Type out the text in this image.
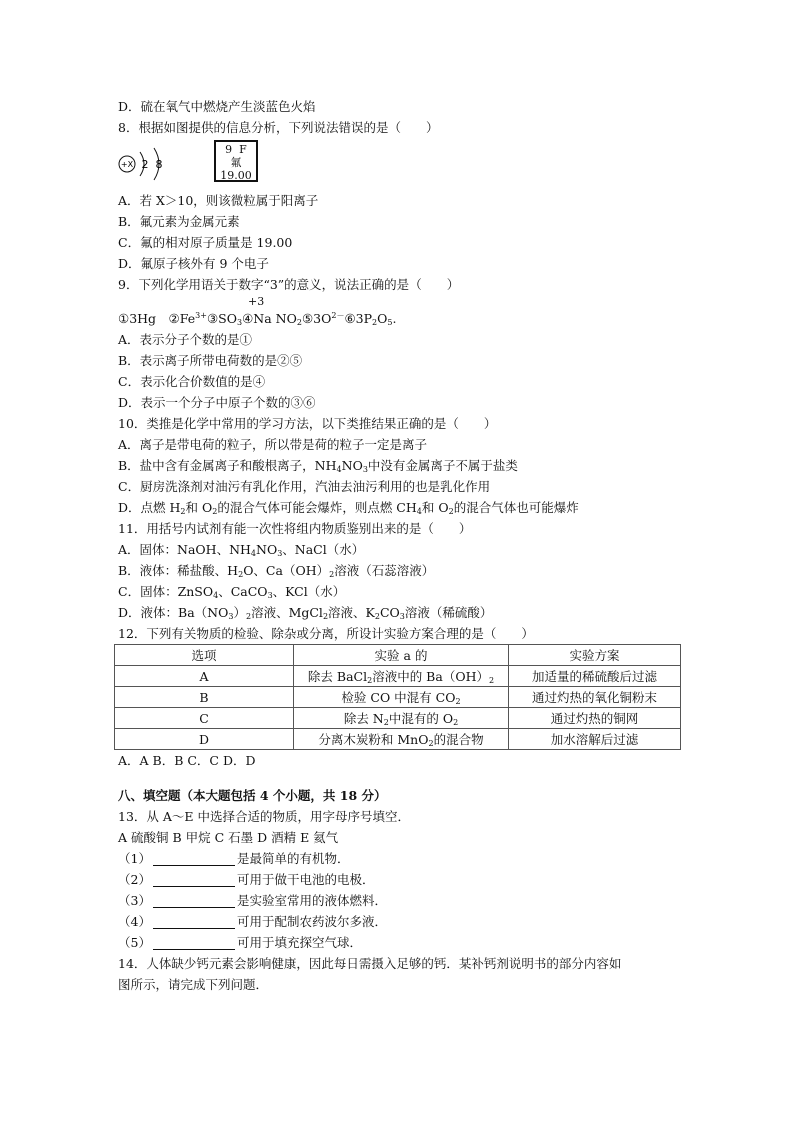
D．硫在氧气中燃烧产生淡蓝色火焰
8．根据如图提供的信息分析，下列说法错误的是（　　）
+X 2 8
9 F
氟
19.00
A．若 X＞10，则该微粒属于阳离子
B．氟元素为金属元素
C．氟的相对原子质量是 19.00
D．氟原子核外有 9 个电子
9．下列化学用语关于数字“3”的意义，说法正确的是（　　）
+3
①3Hg　$②Fe^{3+}③SO_3④Na$ $NO_2⑤3O^{2-}⑥3P_2O_5$.
A．表示分子个数的是①
B．表示离子所带电荷数的是②⑤
C．表示化合价数值的是④
D．表示一个分子中原子个数的③⑥
10．类推是化学中常用的学习方法，以下类推结果正确的是（　　）
A．离子是带电荷的粒子，所以带是荷的粒子一定是离子
B．盐中含有金属离子和酸根离子，$NH_4NO_3$中没有金属离子不属于盐类
C．厨房洗涤剂对油污有乳化作用，汽油去油污利用的也是乳化作用
D．点燃 $H_2$和 $O_2$的混合气体可能会爆炸，则点燃 $CH_4$和 $O_2$的混合气体也可能爆炸
11．用括号内试剂有能一次性将组内物质鉴别出来的是（　　）
A．固体：NaOH、$NH_4NO_3$、NaCl（水）
B．液体：稀盐酸、$H_2O$、$Ca(OH)_2$溶液（石蕊溶液）
C．固体：ZnSO$_4$、CaCO$_3$、KCl（水）
D．液体：$Ba(NO_3)_2$溶液、MgCl$_2$溶液、$K_2CO_3$溶液（稀硫酸）
12．下列有关物质的检验、除杂或分离，所设计实验方案合理的是（　　）
选项	实验 a 的	实验方案
A	除去 BaCl$_2$溶液中的 $Ba(OH)_2$	加适量的稀硫酸后过滤
B	检验 CO 中混有 $CO_2$	通过灼热的氧化铜粉末
C	除去 $N_2$中混有的 $O_2$	通过灼热的铜网
D	分离木炭粉和 MnO$_2$的混合物	加水溶解后过滤
A．A B．B C．C D．D
八、填空题（本大题包括 4 个小题，共 18 分）
13．从 A～E 中选择合适的物质，用字母序号填空．
A 硫酸铜 B 甲烷 C 石墨 D 酒精 E 氦气
（1）	是最简单的有机物．
（2）	可用于做干电池的电极．
（3）	是实验室常用的液体燃料．
（4）	可用于配制农药波尔多液．
（5）	可用于填充探空气球．
14．人体缺少钙元素会影响健康，因此每日需摄入足够的钙．某补钙剂说明书的部分内容如
图所示，请完成下列问题．
